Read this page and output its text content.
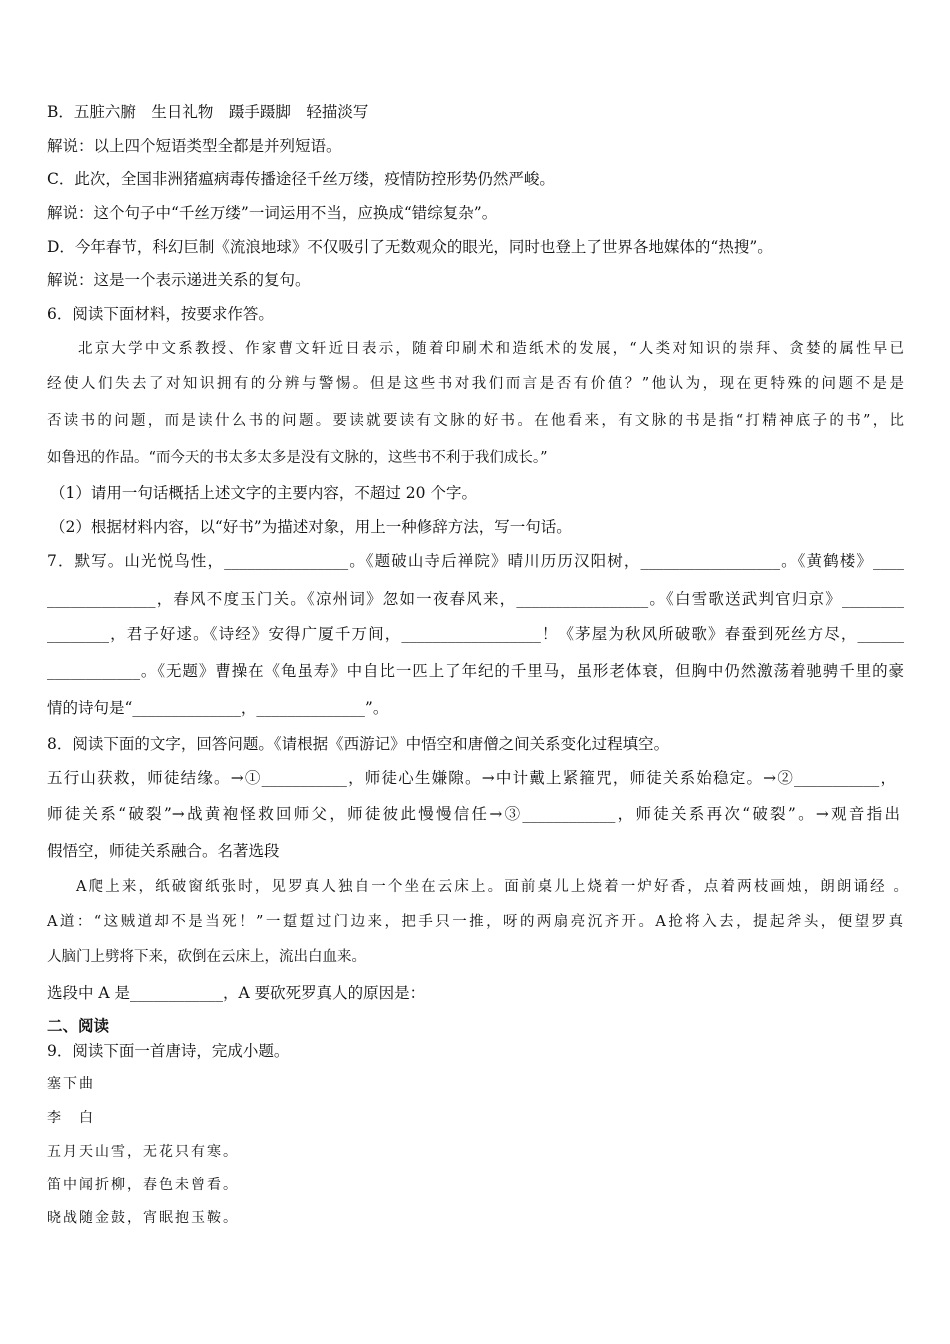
B．五脏六腑　生日礼物　蹑手蹑脚　轻描淡写
解说：以上四个短语类型全都是并列短语。
C．此次，全国非洲猪瘟病毒传播途径千丝万缕，疫情防控形势仍然严峻。
解说：这个句子中“千丝万缕”一词运用不当，应换成“错综复杂”。
D．今年春节，科幻巨制《流浪地球》不仅吸引了无数观众的眼光，同时也登上了世界各地媒体的“热搜”。
解说：这是一个表示递进关系的复句。
6．阅读下面材料，按要求作答。
北京大学中文系教授、作家曹文轩近日表示，随着印刷术和造纸术的发展，“人类对知识的崇拜、贪婪的属性早已
经使人们失去了对知识拥有的分辨与警惕。但是这些书对我们而言是否有价值？”他认为，现在更特殊的问题不是是
否读书的问题，而是读什么书的问题。要读就要读有文脉的好书。在他看来，有文脉的书是指“打精神底子的书”，比
如鲁迅的作品。“而今天的书太多太多是没有文脉的，这些书不利于我们成长。”
（1）请用一句话概括上述文字的主要内容，不超过 20 个字。
（2）根据材料内容，以“好书”为描述对象，用上一种修辞方法，写一句话。
7．默写。山光悦鸟性，________________。《题破山寺后禅院》晴川历历汉阳树，__________________。《黄鹤楼》____
______________，春风不度玉门关。《凉州词》忽如一夜春风来，_________________。《白雪歌送武判官归京》________
________，君子好逑。《诗经》安得广厦千万间，__________________！《茅屋为秋风所破歌》春蚕到死丝方尽，______
____________。《无题》曹操在《龟虽寿》中自比一匹上了年纪的千里马，虽形老体衰，但胸中仍然激荡着驰骋千里的豪
情的诗句是“______________，______________”。
8．阅读下面的文字，回答问题。《请根据《西游记》中悟空和唐僧之间关系变化过程填空。
五行山获救，师徒结缘。→①___________，师徒心生嫌隙。→中计戴上紧箍咒，师徒关系始稳定。→②___________，
师徒关系“破裂”→战黄袍怪救回师父，师徒彼此慢慢信任→③____________，师徒关系再次“破裂”。→观音指出
假悟空，师徒关系融合。名著选段
A爬上来，纸破窗纸张时，见罗真人独自一个坐在云床上。面前桌儿上烧着一炉好香，点着两枝画烛，朗朗诵经 。
A道：“这贼道却不是当死！”一踅踅过门边来，把手只一推，呀的两扇亮沉齐开。A抢将入去，提起斧头，便望罗真
人脑门上劈将下来，砍倒在云床上，流出白血来。
选段中 A 是____________，A 要砍死罗真人的原因是：
二、阅读
9．阅读下面一首唐诗，完成小题。
塞下曲
李　白
五月天山雪，无花只有寒。
笛中闻折柳，春色未曾看。
晓战随金鼓，宵眠抱玉鞍。
